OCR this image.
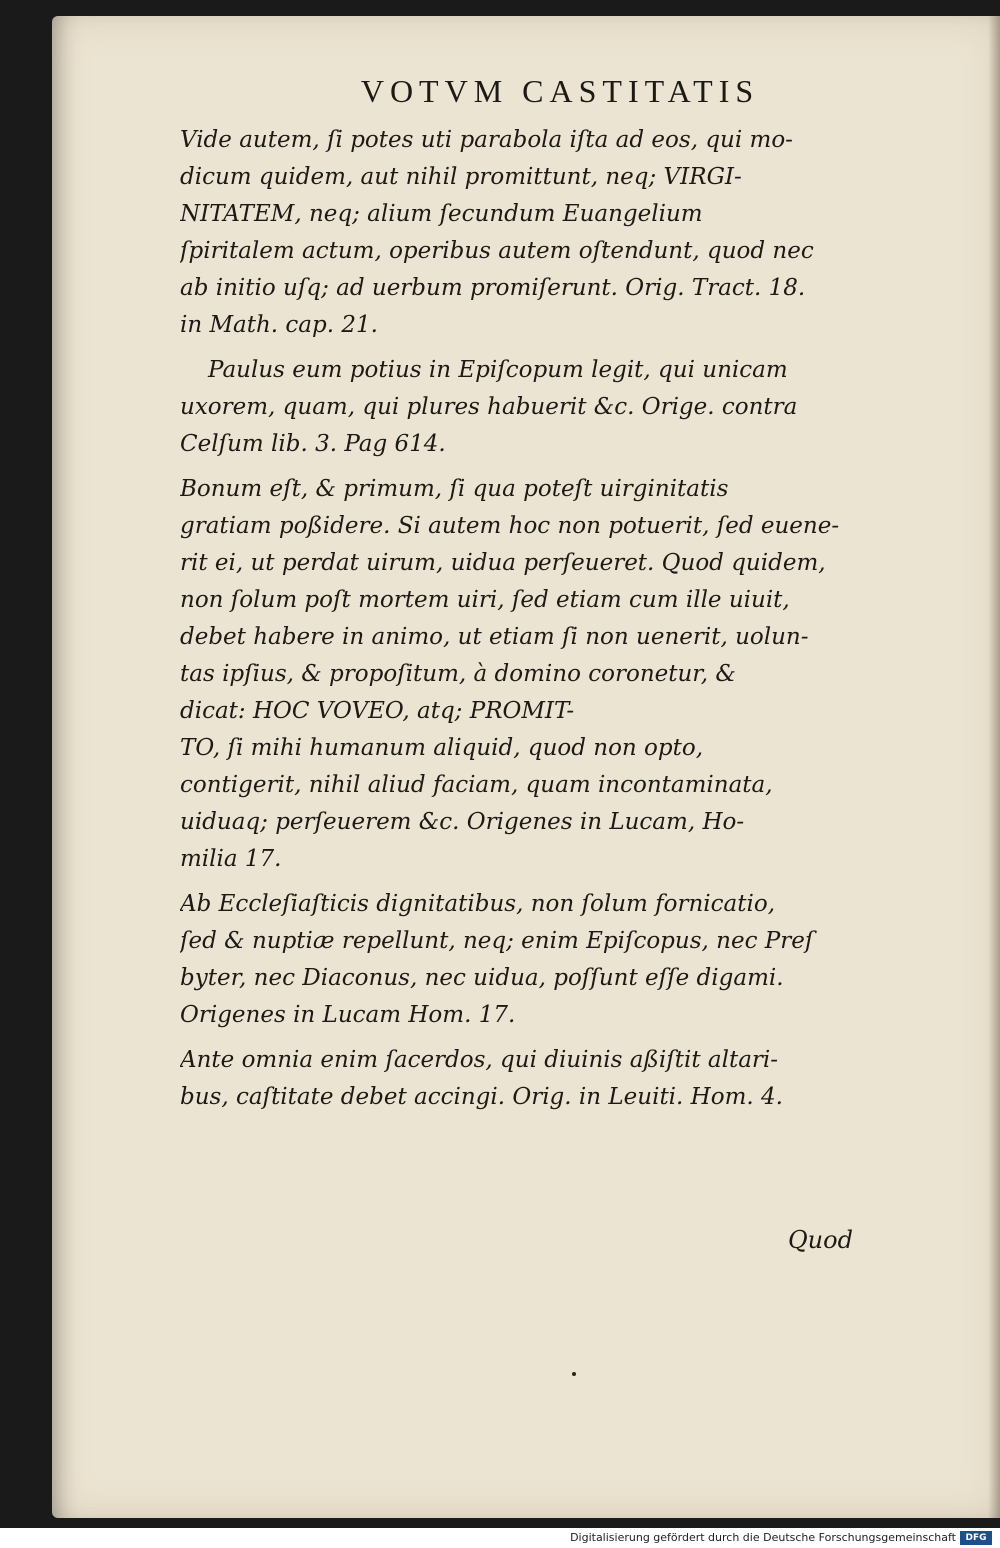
VOTVM CASTITATIS
Vide autem, ſi potes uti parabola iſta ad eos, qui mo-
dicum quidem, aut nihil promittunt, neq; VIRGI-
NITATEM, neq; alium ſecundum Euangelium
ſpiritalem actum, operibus autem oſtendunt, quod nec
ab initio uſq; ad uerbum promiſerunt. Orig. Tract. 18.
in Math. cap. 21.
Paulus eum potius in Epiſcopum legit, qui unicam
uxorem, quam, qui plures habuerit &c. Orige. contra
Celſum lib. 3. Pag 614.
Bonum eſt, & primum, ſi qua poteſt uirginitatis
gratiam poßidere. Si autem hoc non potuerit, ſed euene-
rit ei, ut perdat uirum, uidua perſeueret. Quod quidem,
non ſolum poſt mortem uiri, ſed etiam cum ille uiuit,
debet habere in animo, ut etiam ſi non uenerit, uolun-
tas ipſius, & propoſitum, à domino coronetur, &
dicat: HOC VOVEO, atq; PROMIT-
TO, ſi mihi humanum aliquid, quod non opto,
contigerit, nihil aliud faciam, quam incontaminata,
uiduaq; perſeuerem &c. Origenes in Lucam, Ho-
milia 17.
Ab Eccleſiaſticis dignitatibus, non ſolum fornicatio,
ſed & nuptiæ repellunt, neq; enim Epiſcopus, nec Preſ
byter, nec Diaconus, nec uidua, poſſunt eſſe digami.
Origenes in Lucam Hom. 17.
Ante omnia enim ſacerdos, qui diuinis aßiſtit altari-
bus, caſtitate debet accingi. Orig. in Leuiti. Hom. 4.
Quod
Digitalisierung gefördert durch die Deutsche Forschungsgemeinschaft	DFG
